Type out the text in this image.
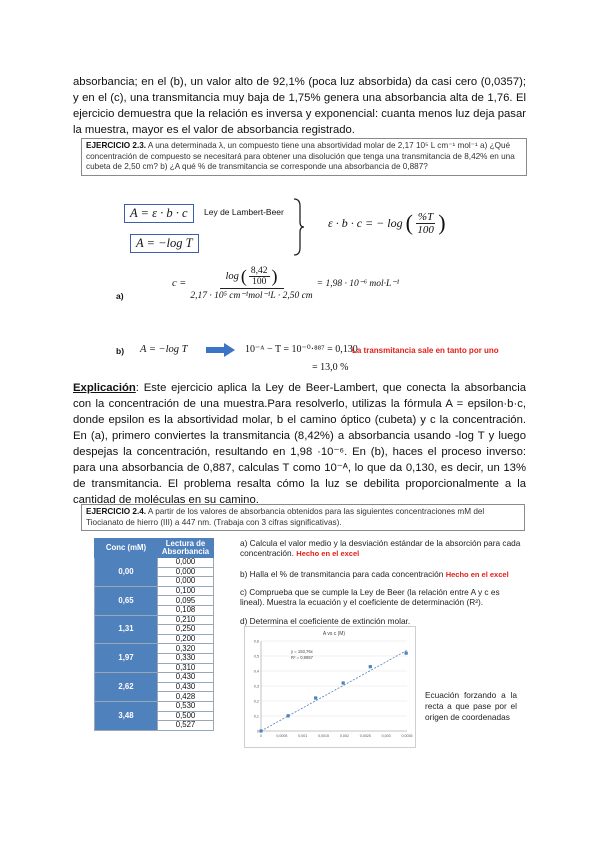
absorbancia; en el (b), un valor alto de 92,1% (poca luz absorbida) da casi cero (0,0357); y en el (c), una transmitancia muy baja de 1,75% genera una absorbancia alta de 1,76. El ejercicio demuestra que la relación es inversa y exponencial: cuanta menos luz deja pasar la muestra, mayor es el valor de absorbancia registrado.

EJERCICIO 2.3. A una determinada λ, un compuesto tiene una absortividad molar de 2,17 10⁵ L cm⁻¹ mol⁻¹ a) ¿Qué concentración de compuesto se necesitará para obtener una disolución que tenga una transmitancia de 8,42% en una cubeta de 2,50 cm? b) ¿A qué % de transmitancia se corresponde una absorbancia de 0,887?
A = ε · b · c	Ley de Lambert-Beer
A = −log T
ε · b · c = − log ( $\frac{\%T}{100}$ )
a)
c =
log ( $\frac{8,42}{100}$ )
2,17 · 10⁵ cm⁻¹mol⁻¹L · 2,50 cm
= 1,98 · 10⁻⁶ mol·L⁻¹
b) A = −log T	10⁻ᴬ − T = 10⁻⁰·⁸⁸⁷ = 0,130
La transmitancia sale en tanto por uno
= 13,0 %

Explicación: Este ejercicio aplica la Ley de Beer-Lambert, que conecta la absorbancia con la concentración de una muestra.Para resolverlo, utilizas la fórmula A = epsilon·b·c, donde epsilon es la absortividad molar, b el camino óptico (cubeta) y c la concentración. En (a), primero conviertes la transmitancia (8,42%) a absorbancia usando -log T y luego despejas la concentración, resultando en 1,98 ·10⁻⁶. En (b), haces el proceso inverso: para una absorbancia de 0,887, calculas T como 10⁻ᴬ, lo que da 0,130, es decir, un 13% de transmitancia. El problema resalta cómo la luz se debilita proporcionalmente a la cantidad de moléculas en su camino.

EJERCICIO 2.4. A partir de los valores de absorbancia obtenidos para las siguientes concentraciones mM del Tiocianato de hierro (III) a 447 nm. (Trabaja con 3 cifras significativas).
Conc (mM)	Lectura de Absorbancia
0,00	0,000
	0,000
	0,000
0,65	0,100
	0,095
	0,108
1,31	0,210
	0,250
	0,200
1,97	0,320
	0,330
	0,310
2,62	0,430
	0,430
	0,428
3,48	0,530
	0,500
	0,527
a) Calcula el valor medio y la desviación estándar de la absorción para cada concentración. Hecho en el excel
b) Halla el % de transmitancia para cada concentración Hecho en el excel
c) Comprueba que se cumple la Ley de Beer (la relación entre A y c es lineal). Muestra la ecuación y el coeficiente de determinación (R²).
d) Determina el coeficiente de extinción molar.
0
0,1
0,2
0,3
0,4
0,5
0,6
0	0,0005	0,001	0,0015	0,002	0,0025	0,003	0,0035
A vs c (M)
y = 153,76x
R² = 0,9957
Ecuación forzando a la recta a que pase por el origen de coordenadas
